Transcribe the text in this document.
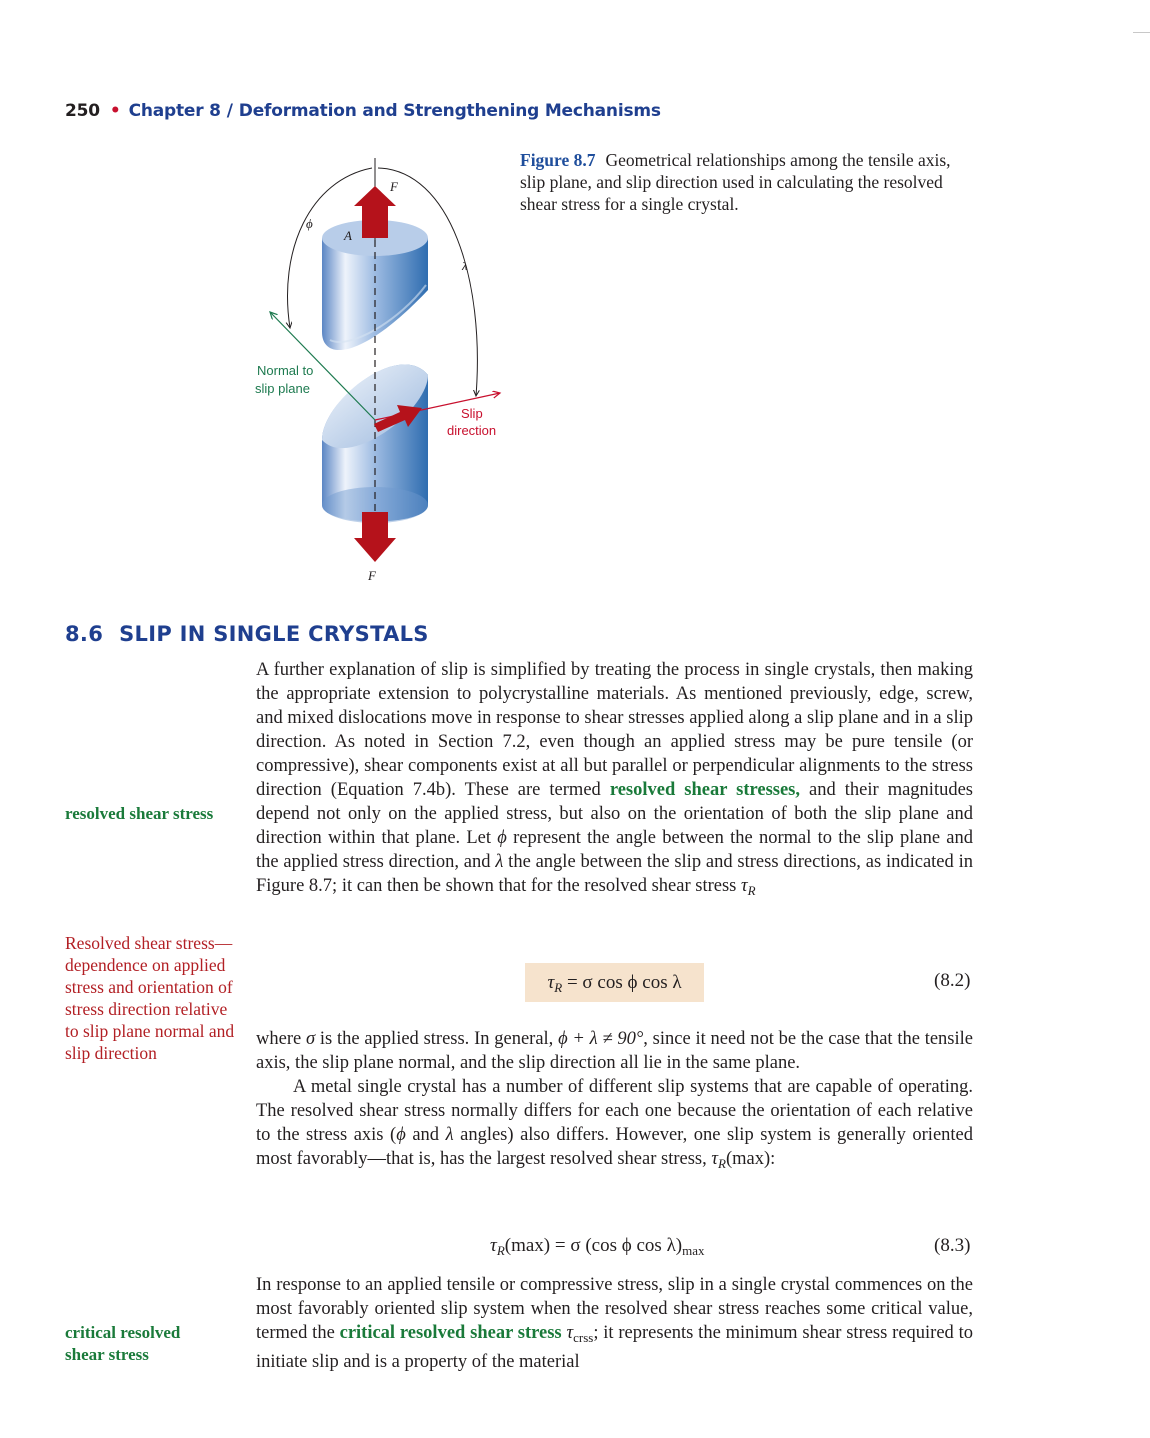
250 • Chapter 8 / Deformation and Strengthening Mechanisms
F
F
A
ϕ
λ
Normal to
slip plane
Slip
direction
Figure 8.7 Geometrical relationships among the tensile axis, slip plane, and slip direction used in calculating the resolved shear stress for a single crystal.
8.6 SLIP IN SINGLE CRYSTALS
resolved shear stress
Resolved shear stress—dependence on applied stress and orientation of stress direction relative to slip plane normal and slip direction
critical resolved
shear stress

A further explanation of slip is simplified by treating the process in single crystals, then making the appropriate extension to polycrystalline materials. As mentioned previously, edge, screw, and mixed dislocations move in response to shear stresses applied along a slip plane and in a slip direction. As noted in Section 7.2, even though an applied stress may be pure tensile (or compressive), shear components exist at all but parallel or perpendicular alignments to the stress direction (Equation 7.4b). These are termed resolved shear stresses, and their magnitudes depend not only on the applied stress, but also on the orientation of both the slip plane and direction within that plane. Let ϕ represent the angle between the normal to the slip plane and the applied stress direction, and λ the angle between the slip and stress directions, as indicated in Figure 8.7; it can then be shown that for the resolved shear stress $\tau_R$

$\tau_R = \sigma$ cos ϕ cos λ	(8.2)

where σ is the applied stress. In general, ϕ + λ ≠ 90°, since it need not be the case that the tensile axis, the slip plane normal, and the slip direction all lie in the same plane.

A metal single crystal has a number of different slip systems that are capable of operating. The resolved shear stress normally differs for each one because the orientation of each relative to the stress axis (ϕ and λ angles) also differs. However, one slip system is generally oriented most favorably—that is, has the largest resolved shear stress, $\tau_R(\max)$:

$\tau_R(\max) = \sigma$ (cos ϕ $\cos \lambda)_{max}$	(8.3)

In response to an applied tensile or compressive stress, slip in a single crystal commences on the most favorably oriented slip system when the resolved shear stress reaches some critical value, termed the critical resolved shear stress $\tau_{crss}$; it represents the minimum shear stress required to initiate slip and is a property of the material
